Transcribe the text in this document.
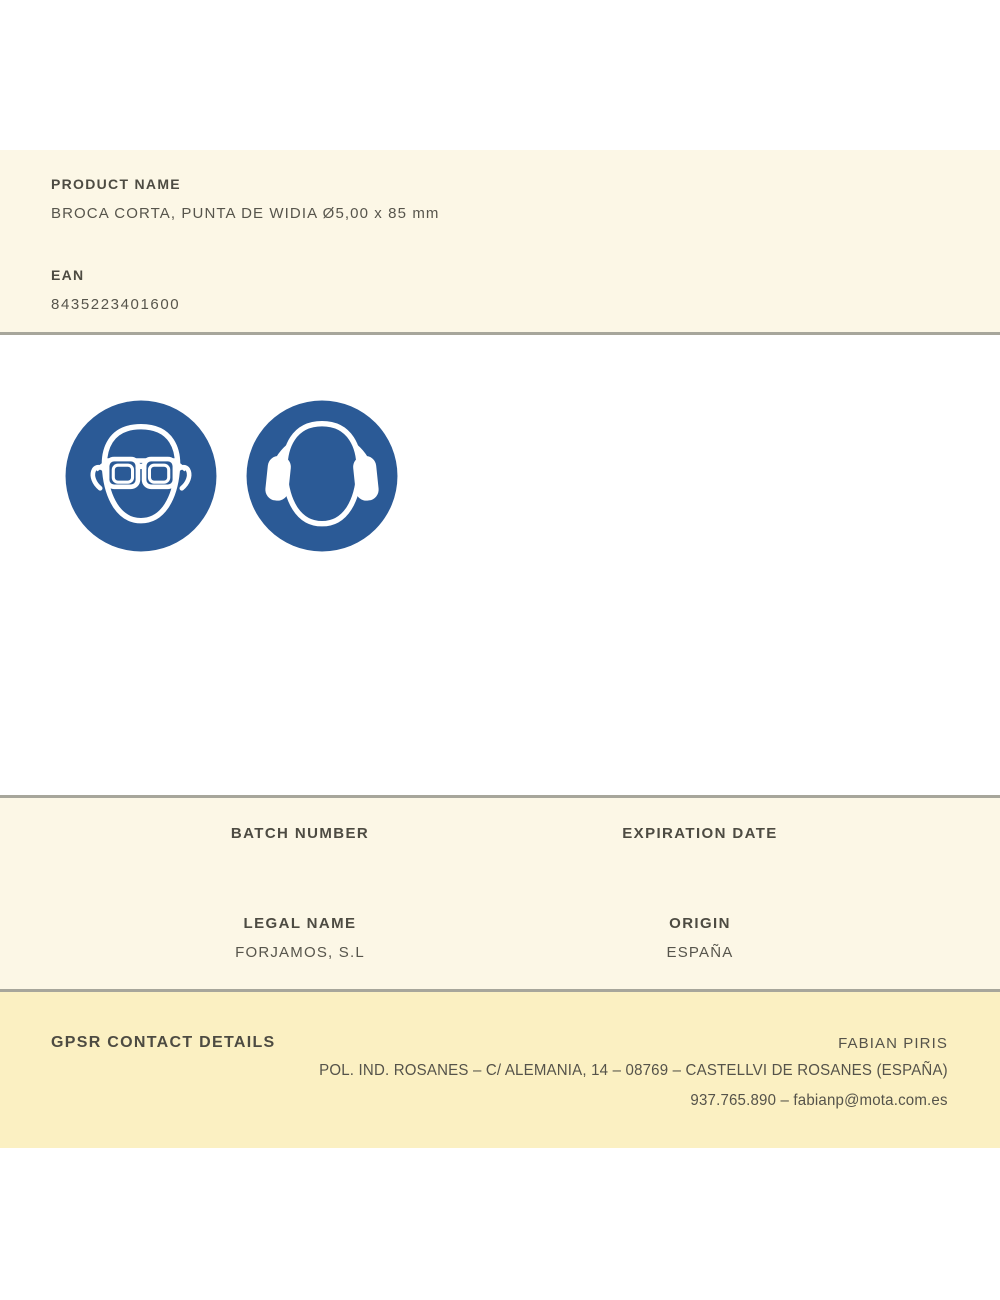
PRODUCT NAME
BROCA CORTA, PUNTA DE WIDIA Ø5,00 x 85 mm
EAN
8435223401600
BATCH NUMBER	EXPIRATION DATE
LEGAL NAME
FORJAMOS, S.L
ORIGIN
ESPAÑA
GPSR CONTACT DETAILS	FABIAN PIRIS
POL. IND. ROSANES – C/ ALEMANIA, 14 – 08769 – CASTELLVI DE ROSANES (ESPAÑA)
937.765.890 – fabianp@mota.com.es
